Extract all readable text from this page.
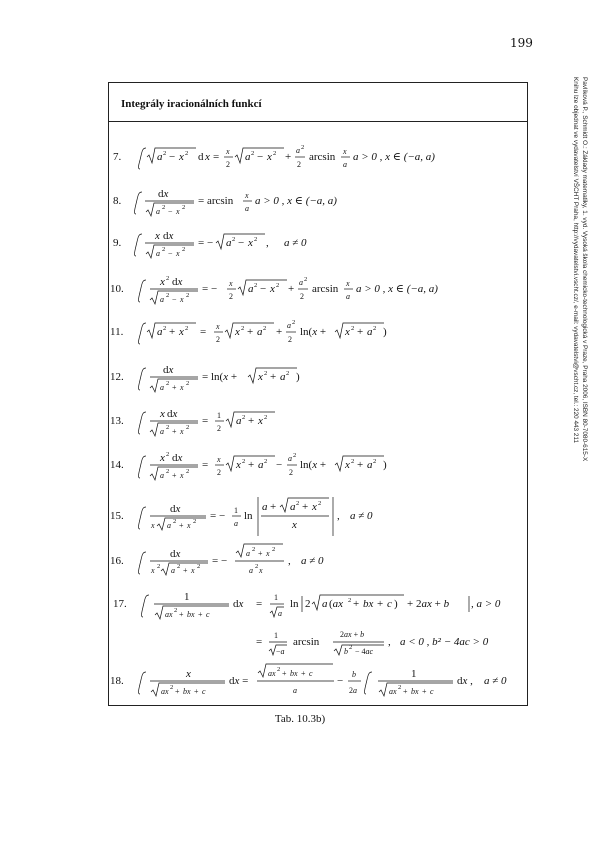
199
Integrály iracionálních funkcí
7.	a 2 − x 2 d x = x
2
a 2 − x 2 +
a 2
2
arcsin x
a
a > 0 , x ∈ (−a, a)
8.
dx
a 2 − x 2
= arcsin x
a
a > 0 , x ∈ (−a, a)
9.
x dx
a 2 − x 2
= − a 2 − x 2 , a ≠ 0
10.
x 2 dx
a 2 − x 2
= − x
2
a 2 − x 2 +
a 2
2
arcsin x
a
a > 0 , x ∈ (−a, a)
11.	a 2 + x 2 = x
2
x 2 + a 2 +
a 2
2
ln(x + x 2 + a 2 )
12.
dx
a 2 + x 2
= ln(x + x 2 + a 2 )
13.
x dx
a 2 + x 2
= 1
2
a 2 + x 2
14.
x 2 dx
a 2 + x 2
= x
2
x 2 + a 2 −
a 2
2
ln(x + x 2 + a 2 )
15.
dx
x a 2 + x 2 = − 1
a
ln
a + a 2 + x 2
x
, a ≠ 0
16.
dx
x 2 a 2 + x 2 = −
a 2 + x 2
a 2 x
, a ≠ 0
17.
1
ax 2 + bx + c
dx =
1
a
ln 2 a (ax 2 + bx + c ) + 2ax + b , a > 0
=
1
−a
arcsin
2ax + b
b 2 − 4ac
, a < 0 , b² − 4ac > 0
18.
x
ax 2 + bx + c
dx =
ax 2 + bx + c
a
−
b
2a
1
ax 2 + bx + c
dx , a ≠ 0
Tab. 10.3b)
Pavlíková P., Schmidt O.: Základy matematiky, 1. vyd. Vysoká škola chemicko-technologická v Praze, Praha 2006, ISBN 80-7080-615-X
Knihu lze objednat ve vydavatelství VŠCHT Praha, http://vydavatelstvi.vscht.cz/, e-mail: vydavatelstvi@vscht.cz, tel.: 220 443 211
